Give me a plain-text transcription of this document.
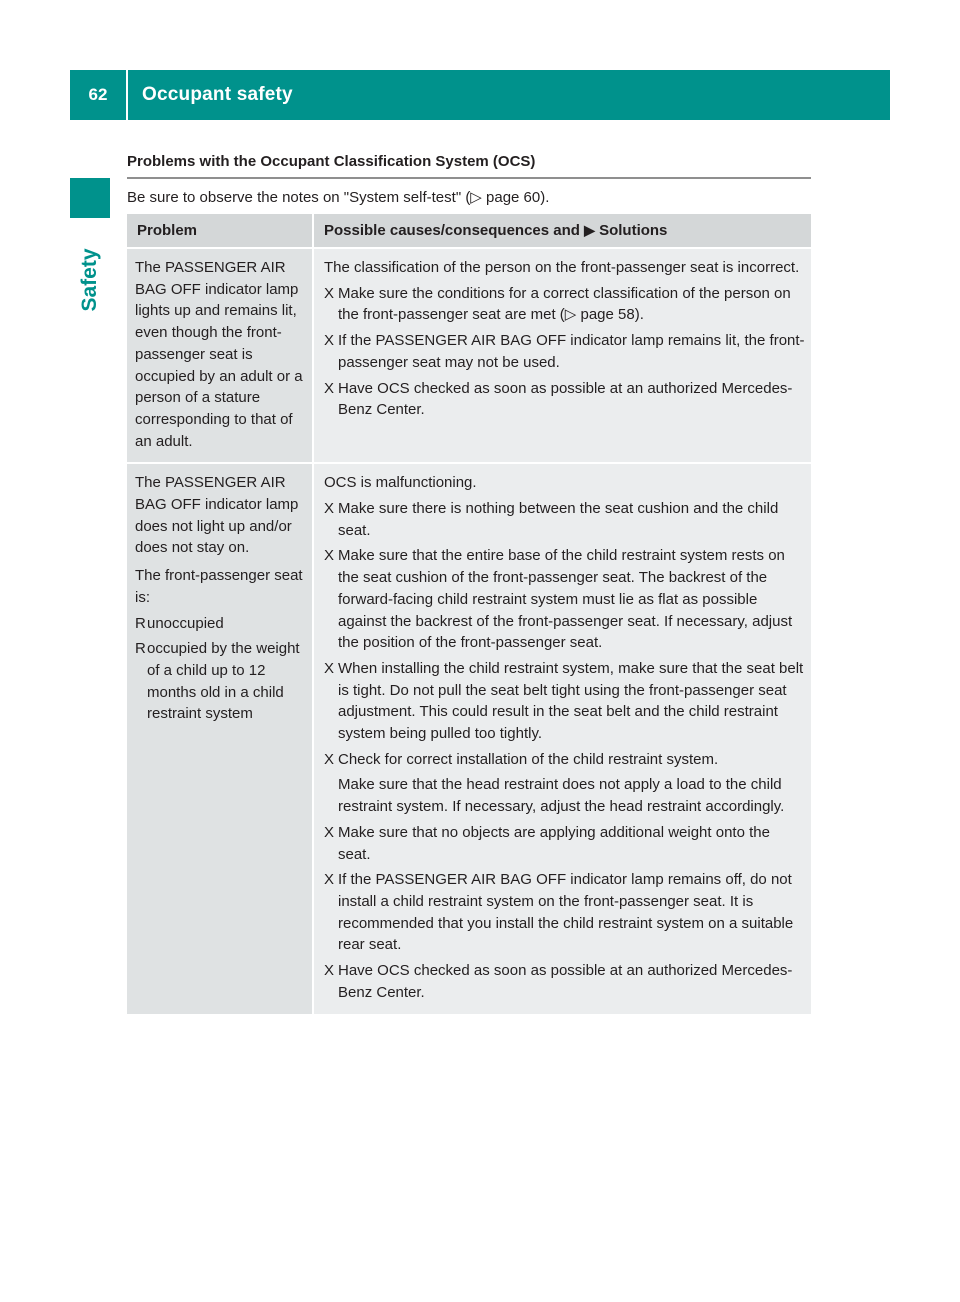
62	Occupant safety
Safety
Problems with the Occupant Classification System (OCS)
Be sure to observe the notes on "System self-test" (▷ page 60).
Problem	Possible causes/consequences and ▶ Solutions

The PASSENGER AIR BAG OFF indicator lamp lights up and remains lit, even though the front-passenger seat is occupied by an adult or a person of a stature corresponding to that of an adult.

The classification of the person on the front-passenger seat is incorrect.

X Make sure the conditions for a correct classification of the person on the front-passenger seat are met (▷ page 58).
X If the PASSENGER AIR BAG OFF indicator lamp remains lit, the front-passenger seat may not be used.
X Have OCS checked as soon as possible at an authorized Mercedes-Benz Center.

The PASSENGER AIR BAG OFF indicator lamp does not light up and/or does not stay on.

The front-passenger seat is:

R unoccupied
R occupied by the weight of a child up to 12 months old in a child restraint system

OCS is malfunctioning.

X Make sure there is nothing between the seat cushion and the child seat.
X Make sure that the entire base of the child restraint system rests on the seat cushion of the front-passenger seat. The backrest of the forward-facing child restraint system must lie as flat as possible against the backrest of the front-passenger seat. If necessary, adjust the position of the front-passenger seat.
X When installing the child restraint system, make sure that the seat belt is tight. Do not pull the seat belt tight using the front-passenger seat adjustment. This could result in the seat belt and the child restraint system being pulled too tightly.
X Check for correct installation of the child restraint system.
Make sure that the head restraint does not apply a load to the child restraint system. If necessary, adjust the head restraint accordingly.
X Make sure that no objects are applying additional weight onto the seat.
X If the PASSENGER AIR BAG OFF indicator lamp remains off, do not install a child restraint system on the front-passenger seat. It is recommended that you install the child restraint system on a suitable rear seat.
X Have OCS checked as soon as possible at an authorized Mercedes-Benz Center.
